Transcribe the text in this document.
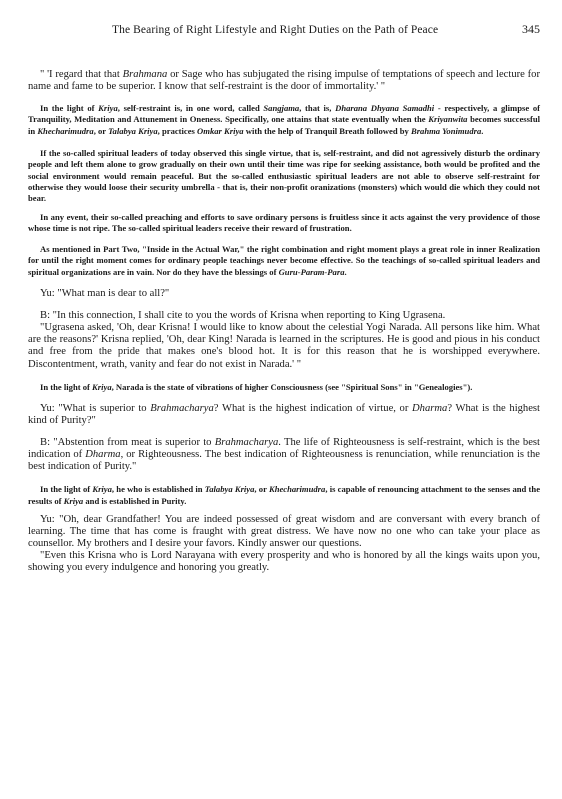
The Bearing of Right Lifestyle and Right Duties on the Path of Peace	345

" 'I regard that that Brahmana or Sage who has subjugated the rising impulse of temptations of speech and lecture for name and fame to be superior. I know that self-restraint is the door of immortality.' "

In the light of Kriya, self-restraint is, in one word, called Sangjama, that is, Dharana Dhyana Samadhi - respectively, a glimpse of Tranquility, Meditation and Attunement in Oneness. Specifically, one attains that state eventually when the Kriyanwita becomes successful in Khecharimudra, or Talabya Kriya, practices Omkar Kriya with the help of Tranquil Breath followed by Brahma Yonimudra.

If the so-called spiritual leaders of today observed this single virtue, that is, self-restraint, and did not agressively disturb the ordinary people and left them alone to grow gradually on their own until their time was ripe for seeking assistance, both would be profited and the social environment would remain peaceful. But the so-called enthusiastic spiritual leaders are not able to observe self-restraint for otherwise they would loose their security umbrella - that is, their non-profit oranizations (monsters) which would die which they could not bear.

In any event, their so-called preaching and efforts to save ordinary persons is fruitless since it acts against the very providence of those whose time is not ripe. The so-called spiritual leaders receive their reward of frustration.

As mentioned in Part Two, "Inside in the Actual War," the right combination and right moment plays a great role in inner Realization for until the right moment comes for ordinary people teachings never become effective. So the teachings of so-called spiritual leaders and spiritual organizations are in vain. Nor do they have the blessings of Guru-Param-Para.

Yu: "What man is dear to all?"

B: "In this connection, I shall cite to you the words of Krisna when reporting to King Ugrasena.

"Ugrasena asked, 'Oh, dear Krisna! I would like to know about the celestial Yogi Narada. All persons like him. What are the reasons?' Krisna replied, 'Oh, dear King! Narada is learned in the scriptures. He is good and pious in his conduct and free from the pride that makes one's blood hot. It is for this reason that he is worshipped everywhere. Discontentment, wrath, vanity and fear do not exist in Narada.' "

In the light of Kriya, Narada is the state of vibrations of higher Consciousness (see "Spiritual Sons" in "Genealogies").

Yu: "What is superior to Brahmacharya? What is the highest indication of virtue, or Dharma? What is the highest kind of Purity?"

B: "Abstention from meat is superior to Brahmacharya. The life of Righteousness is self-restraint, which is the best indication of Dharma, or Righteousness. The best indication of Righteousness is renunciation, while renunciation is the best indication of Purity."

In the light of Kriya, he who is established in Talabya Kriya, or Khecharimudra, is capable of renouncing attachment to the senses and the results of Kriya and is established in Purity.

Yu: "Oh, dear Grandfather! You are indeed possessed of great wisdom and are conversant with every branch of learning. The time that has come is fraught with great distress. We have now no one who can take your place as counsellor. My brothers and I desire your favors. Kindly answer our questions.

"Even this Krisna who is Lord Narayana with every prosperity and who is honored by all the kings waits upon you, showing you every indulgence and honoring you greatly.
